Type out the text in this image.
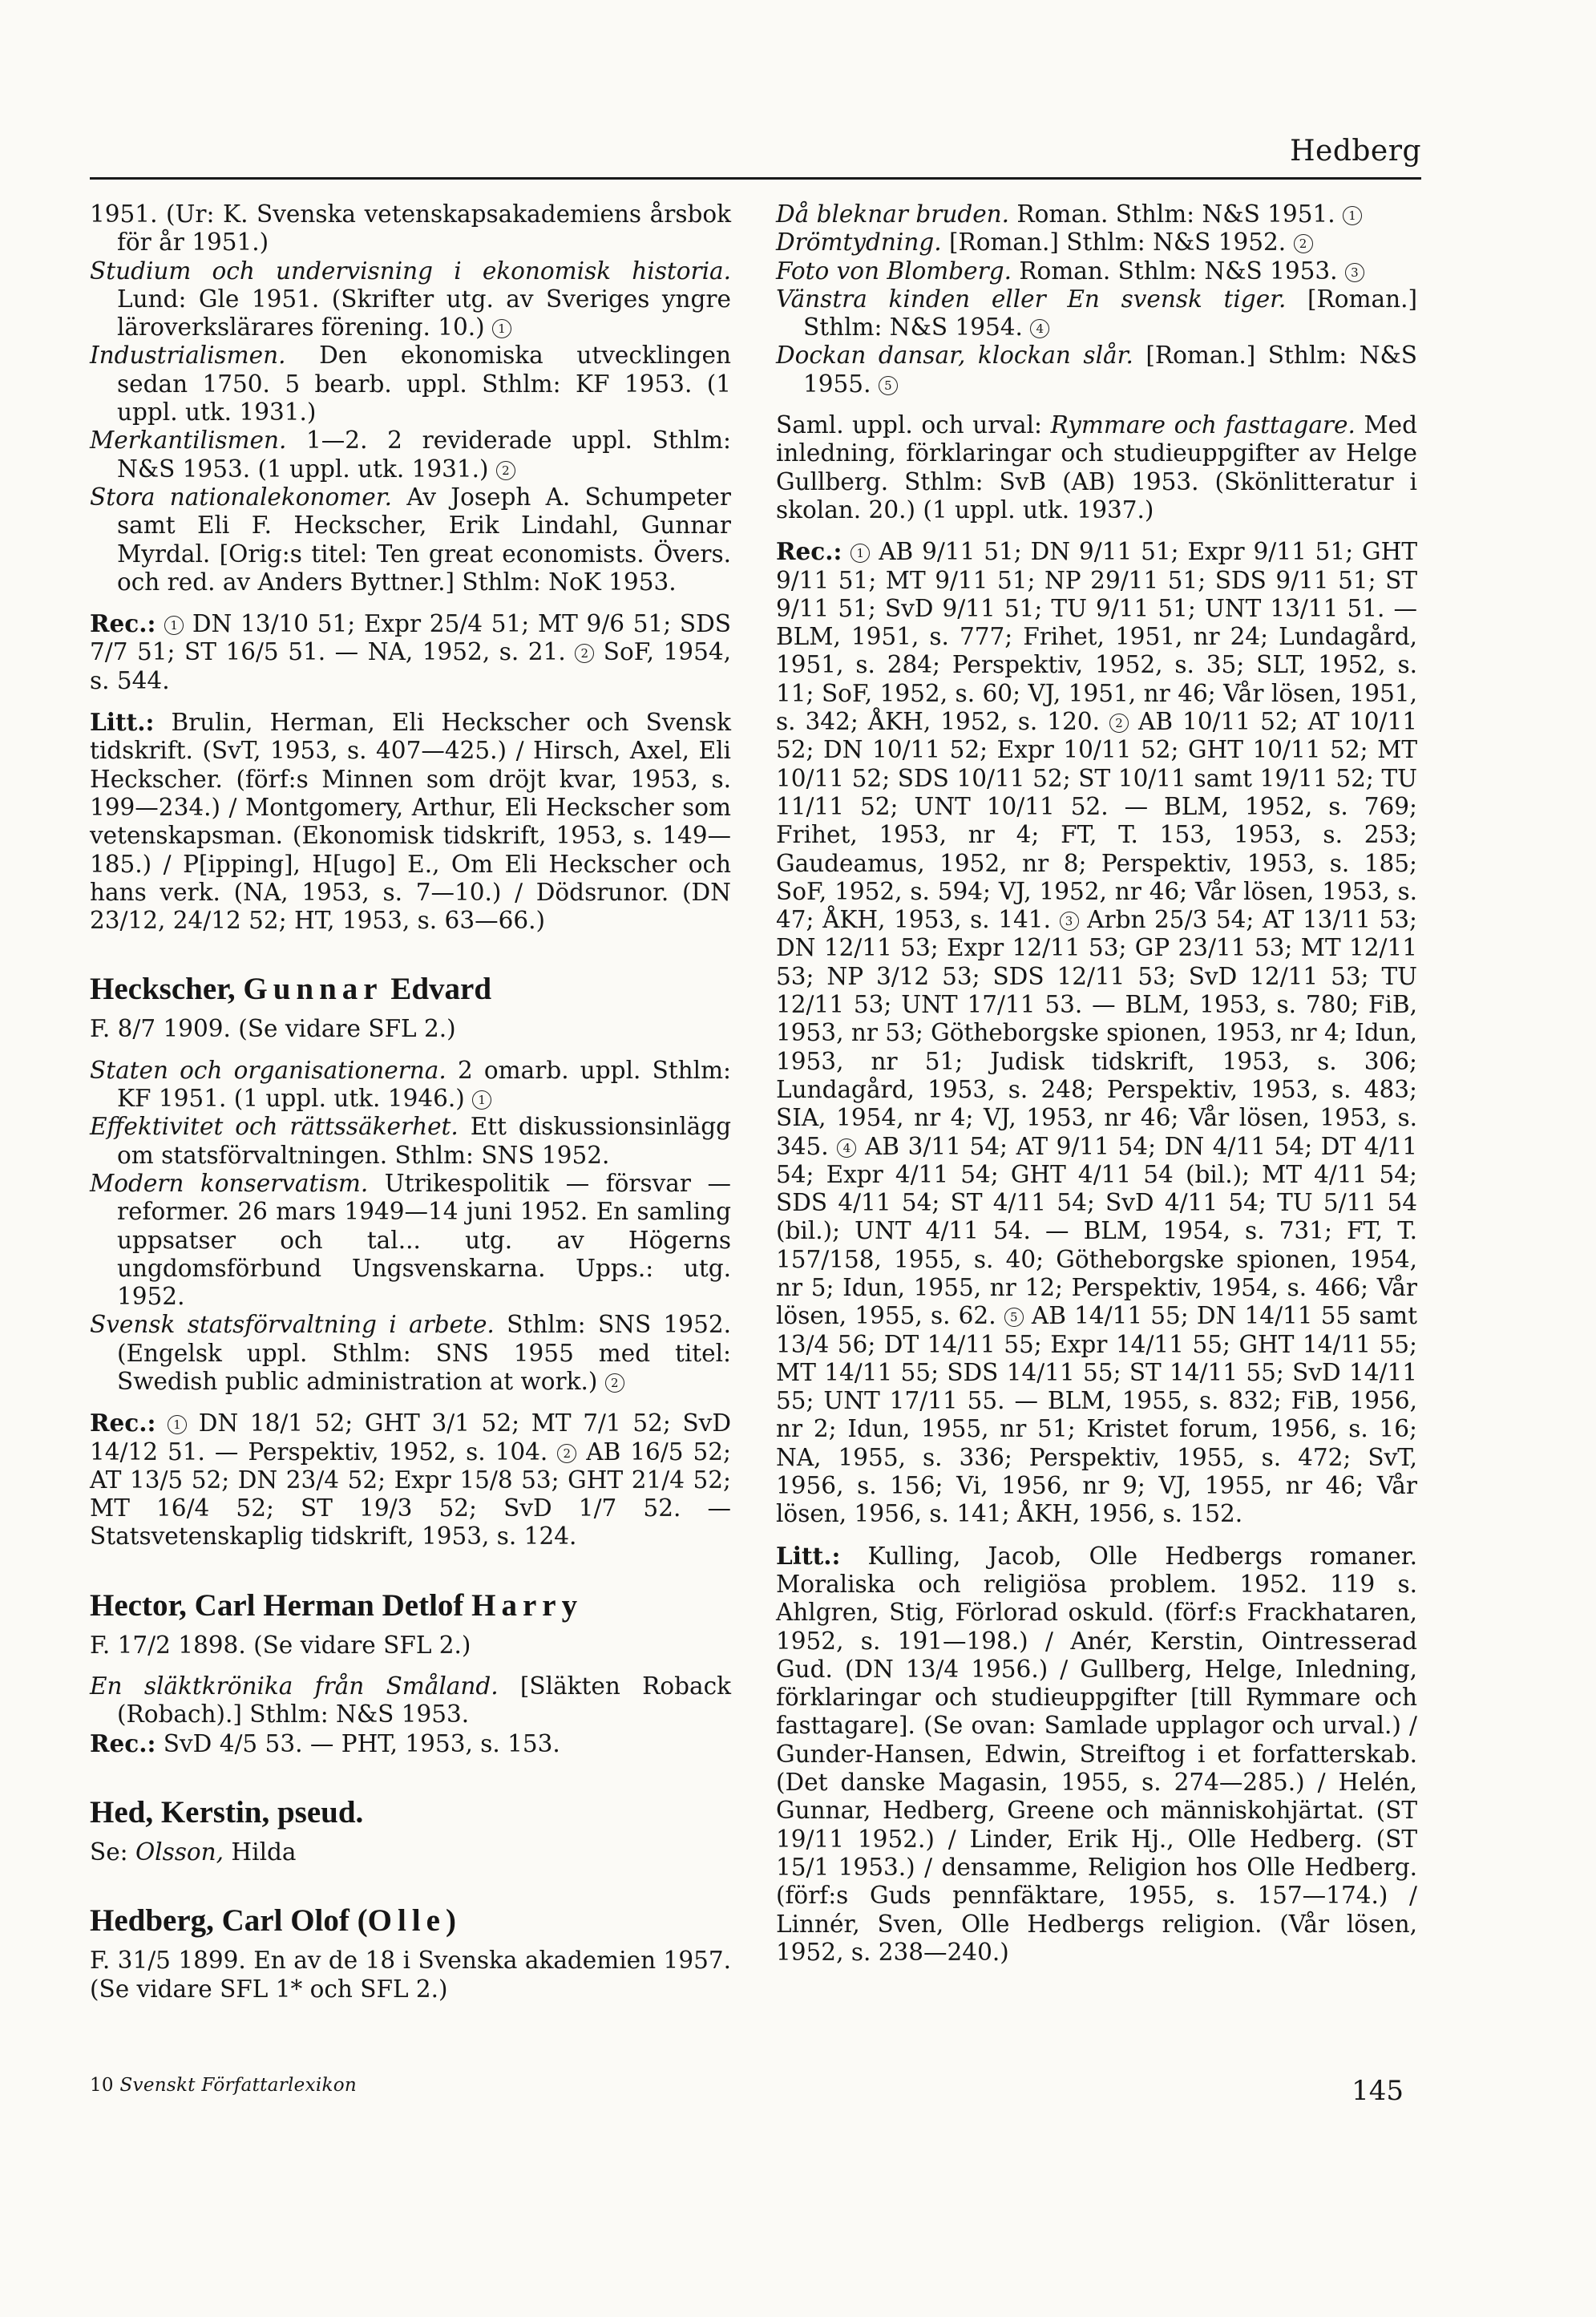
Hedberg

1951. (Ur: K. Svenska vetenskapsakademiens årsbok för år 1951.)

Studium och undervisning i ekonomisk historia. Lund: Gle 1951. (Skrifter utg. av Sveriges yngre läroverkslärares förening. 10.) 1

Industrialismen. Den ekonomiska utvecklingen sedan 1750. 5 bearb. uppl. Sthlm: KF 1953. (1 uppl. utk. 1931.)

Merkantilismen. 1—2. 2 reviderade uppl. Sthlm: N&S 1953. (1 uppl. utk. 1931.) 2

Stora nationalekonomer. Av Joseph A. Schumpeter samt Eli F. Heckscher, Erik Lindahl, Gunnar Myrdal. [Orig:s titel: Ten great economists. Övers. och red. av Anders Byttner.] Sthlm: NoK 1953.

Rec.: 1 DN 13/10 51; Expr 25/4 51; MT 9/6 51; SDS 7/7 51; ST 16/5 51. — NA, 1952, s. 21. 2 SoF, 1954, s. 544.

Litt.: Brulin, Herman, Eli Heckscher och Svensk tidskrift. (SvT, 1953, s. 407—425.) / Hirsch, Axel, Eli Heckscher. (förf:s Minnen som dröjt kvar, 1953, s. 199—234.) / Montgomery, Arthur, Eli Heckscher som vetenskapsman. (Ekonomisk tidskrift, 1953, s. 149—185.) / P[ipping], H[ugo] E., Om Eli Heckscher och hans verk. (NA, 1953, s. 7—10.) / Dödsrunor. (DN 23/12, 24/12 52; HT, 1953, s. 63—66.)

Heckscher, Gunnar Edvard

F. 8/7 1909. (Se vidare SFL 2.)

Staten och organisationerna. 2 omarb. uppl. Sthlm: KF 1951. (1 uppl. utk. 1946.) 1

Effektivitet och rättssäkerhet. Ett diskussionsinlägg om statsförvaltningen. Sthlm: SNS 1952.

Modern konservatism. Utrikespolitik — försvar — reformer. 26 mars 1949—14 juni 1952. En samling uppsatser och tal... utg. av Högerns ungdomsförbund Ungsvenskarna. Upps.: utg. 1952.

Svensk statsförvaltning i arbete. Sthlm: SNS 1952. (Engelsk uppl. Sthlm: SNS 1955 med titel: Swedish public administration at work.) 2

Rec.: 1 DN 18/1 52; GHT 3/1 52; MT 7/1 52; SvD 14/12 51. — Perspektiv, 1952, s. 104. 2 AB 16/5 52; AT 13/5 52; DN 23/4 52; Expr 15/8 53; GHT 21/4 52; MT 16/4 52; ST 19/3 52; SvD 1/7 52. — Statsvetenskaplig tidskrift, 1953, s. 124.

Hector, Carl Herman Detlof Harry

F. 17/2 1898. (Se vidare SFL 2.)

En släktkrönika från Småland. [Släkten Roback (Robach).] Sthlm: N&S 1953.

Rec.: SvD 4/5 53. — PHT, 1953, s. 153.

Hed, Kerstin, pseud.

Se: Olsson, Hilda

Hedberg, Carl Olof (Olle)

F. 31/5 1899. En av de 18 i Svenska akademien 1957. (Se vidare SFL 1* och SFL 2.)

Då bleknar bruden. Roman. Sthlm: N&S 1951. 1

Drömtydning. [Roman.] Sthlm: N&S 1952. 2

Foto von Blomberg. Roman. Sthlm: N&S 1953. 3

Vänstra kinden eller En svensk tiger. [Roman.] Sthlm: N&S 1954. 4

Dockan dansar, klockan slår. [Roman.] Sthlm: N&S 1955. 5

Saml. uppl. och urval: Rymmare och fasttagare. Med inledning, förklaringar och studieuppgifter av Helge Gullberg. Sthlm: SvB (AB) 1953. (Skönlitteratur i skolan. 20.) (1 uppl. utk. 1937.)

Rec.: 1 AB 9/11 51; DN 9/11 51; Expr 9/11 51; GHT 9/11 51; MT 9/11 51; NP 29/11 51; SDS 9/11 51; ST 9/11 51; SvD 9/11 51; TU 9/11 51; UNT 13/11 51. — BLM, 1951, s. 777; Frihet, 1951, nr 24; Lundagård, 1951, s. 284; Perspektiv, 1952, s. 35; SLT, 1952, s. 11; SoF, 1952, s. 60; VJ, 1951, nr 46; Vår lösen, 1951, s. 342; ÅKH, 1952, s. 120. 2 AB 10/11 52; AT 10/11 52; DN 10/11 52; Expr 10/11 52; GHT 10/11 52; MT 10/11 52; SDS 10/11 52; ST 10/11 samt 19/11 52; TU 11/11 52; UNT 10/11 52. — BLM, 1952, s. 769; Frihet, 1953, nr 4; FT, T. 153, 1953, s. 253; Gaudeamus, 1952, nr 8; Perspektiv, 1953, s. 185; SoF, 1952, s. 594; VJ, 1952, nr 46; Vår lösen, 1953, s. 47; ÅKH, 1953, s. 141. 3 Arbn 25/3 54; AT 13/11 53; DN 12/11 53; Expr 12/11 53; GP 23/11 53; MT 12/11 53; NP 3/12 53; SDS 12/11 53; SvD 12/11 53; TU 12/11 53; UNT 17/11 53. — BLM, 1953, s. 780; FiB, 1953, nr 53; Götheborgske spionen, 1953, nr 4; Idun, 1953, nr 51; Judisk tidskrift, 1953, s. 306; Lundagård, 1953, s. 248; Perspektiv, 1953, s. 483; SIA, 1954, nr 4; VJ, 1953, nr 46; Vår lösen, 1953, s. 345. 4 AB 3/11 54; AT 9/11 54; DN 4/11 54; DT 4/11 54; Expr 4/11 54; GHT 4/11 54 (bil.); MT 4/11 54; SDS 4/11 54; ST 4/11 54; SvD 4/11 54; TU 5/11 54 (bil.); UNT 4/11 54. — BLM, 1954, s. 731; FT, T. 157/158, 1955, s. 40; Götheborgske spionen, 1954, nr 5; Idun, 1955, nr 12; Perspektiv, 1954, s. 466; Vår lösen, 1955, s. 62. 5 AB 14/11 55; DN 14/11 55 samt 13/4 56; DT 14/11 55; Expr 14/11 55; GHT 14/11 55; MT 14/11 55; SDS 14/11 55; ST 14/11 55; SvD 14/11 55; UNT 17/11 55. — BLM, 1955, s. 832; FiB, 1956, nr 2; Idun, 1955, nr 51; Kristet forum, 1956, s. 16; NA, 1955, s. 336; Perspektiv, 1955, s. 472; SvT, 1956, s. 156; Vi, 1956, nr 9; VJ, 1955, nr 46; Vår lösen, 1956, s. 141; ÅKH, 1956, s. 152.

Litt.: Kulling, Jacob, Olle Hedbergs romaner. Moraliska och religiösa problem. 1952. 119 s. Ahlgren, Stig, Förlorad oskuld. (förf:s Frackhataren, 1952, s. 191—198.) / Anér, Kerstin, Ointresserad Gud. (DN 13/4 1956.) / Gullberg, Helge, Inledning, förklaringar och studieuppgifter [till Rymmare och fasttagare]. (Se ovan: Samlade upplagor och urval.) / Gunder-Hansen, Edwin, Streiftog i et forfatterskab. (Det danske Magasin, 1955, s. 274—285.) / Helén, Gunnar, Hedberg, Greene och människohjärtat. (ST 19/11 1952.) / Linder, Erik Hj., Olle Hedberg. (ST 15/1 1953.) / densamme, Religion hos Olle Hedberg. (förf:s Guds pennfäktare, 1955, s. 157—174.) / Linnér, Sven, Olle Hedbergs religion. (Vår lösen, 1952, s. 238—240.)

10 Svenskt Författarlexikon	145
